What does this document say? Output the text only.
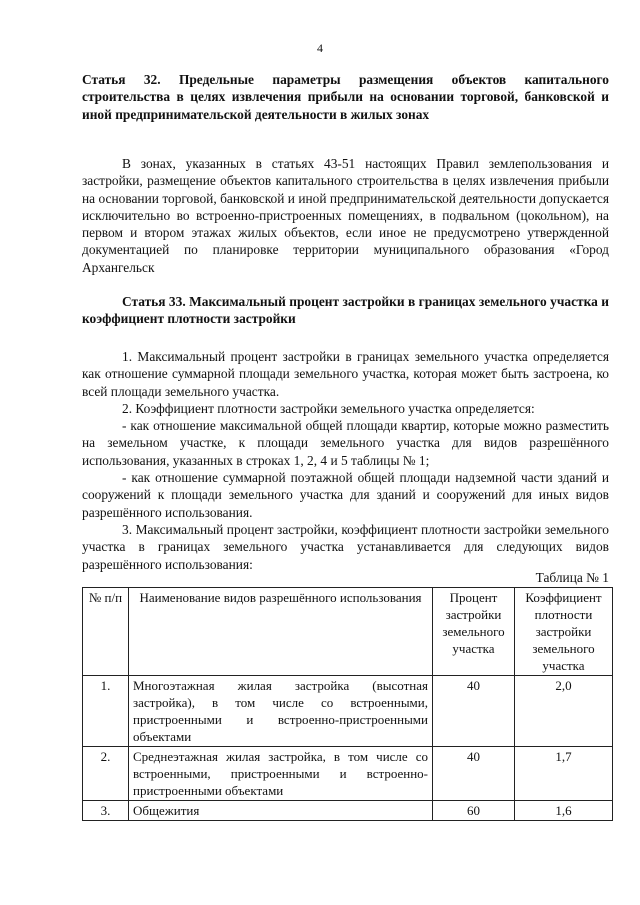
4
Статья 32. Предельные параметры размещения объектов капитального строительства в целях извлечения прибыли на основании торговой, банковской и иной предпринимательской деятельности в жилых зонах
В зонах, указанных в статьях 43-51 настоящих Правил землепользования и застройки, размещение объектов капитального строительства в целях извлечения прибыли на основании торговой, банковской и иной предпринимательской деятельности допускается исключительно во встроенно-пристроенных помещениях, в подвальном (цокольном), на первом и втором этажах жилых объектов, если иное не предусмотрено утвержденной документацией по планировке территории муниципального образования «Город Архангельск
Статья 33. Максимальный процент застройки в границах земельного участка и коэффициент плотности застройки
1. Максимальный процент застройки в границах земельного участка определяется как отношение суммарной площади земельного участка, которая может быть застроена, ко всей площади земельного участка.
2. Коэффициент плотности застройки земельного участка определяется:
- как отношение максимальной общей площади квартир, которые можно разместить на земельном участке, к площади земельного участка для видов разрешённого использования, указанных в строках 1, 2, 4 и 5 таблицы № 1;
- как отношение суммарной поэтажной общей площади надземной части зданий и сооружений к площади земельного участка для зданий и сооружений для иных видов разрешённого использования.
3. Максимальный процент застройки, коэффициент плотности застройки земельного участка в границах земельного участка устанавливается для следующих видов разрешённого использования:
Таблица № 1
№ п/п	Наименование видов разрешённого использования	Процент застройки земельного участка	Коэффициент плотности застройки земельного участка
1.	Многоэтажная жилая застройка (высотная застройка), в том числе со встроенными, пристроенными и встроенно-пристроенными объектами	40	2,0
2.	Среднеэтажная жилая застройка, в том числе со встроенными, пристроенными и встроенно-пристроенными объектами	40	1,7
3.	Общежития	60	1,6
